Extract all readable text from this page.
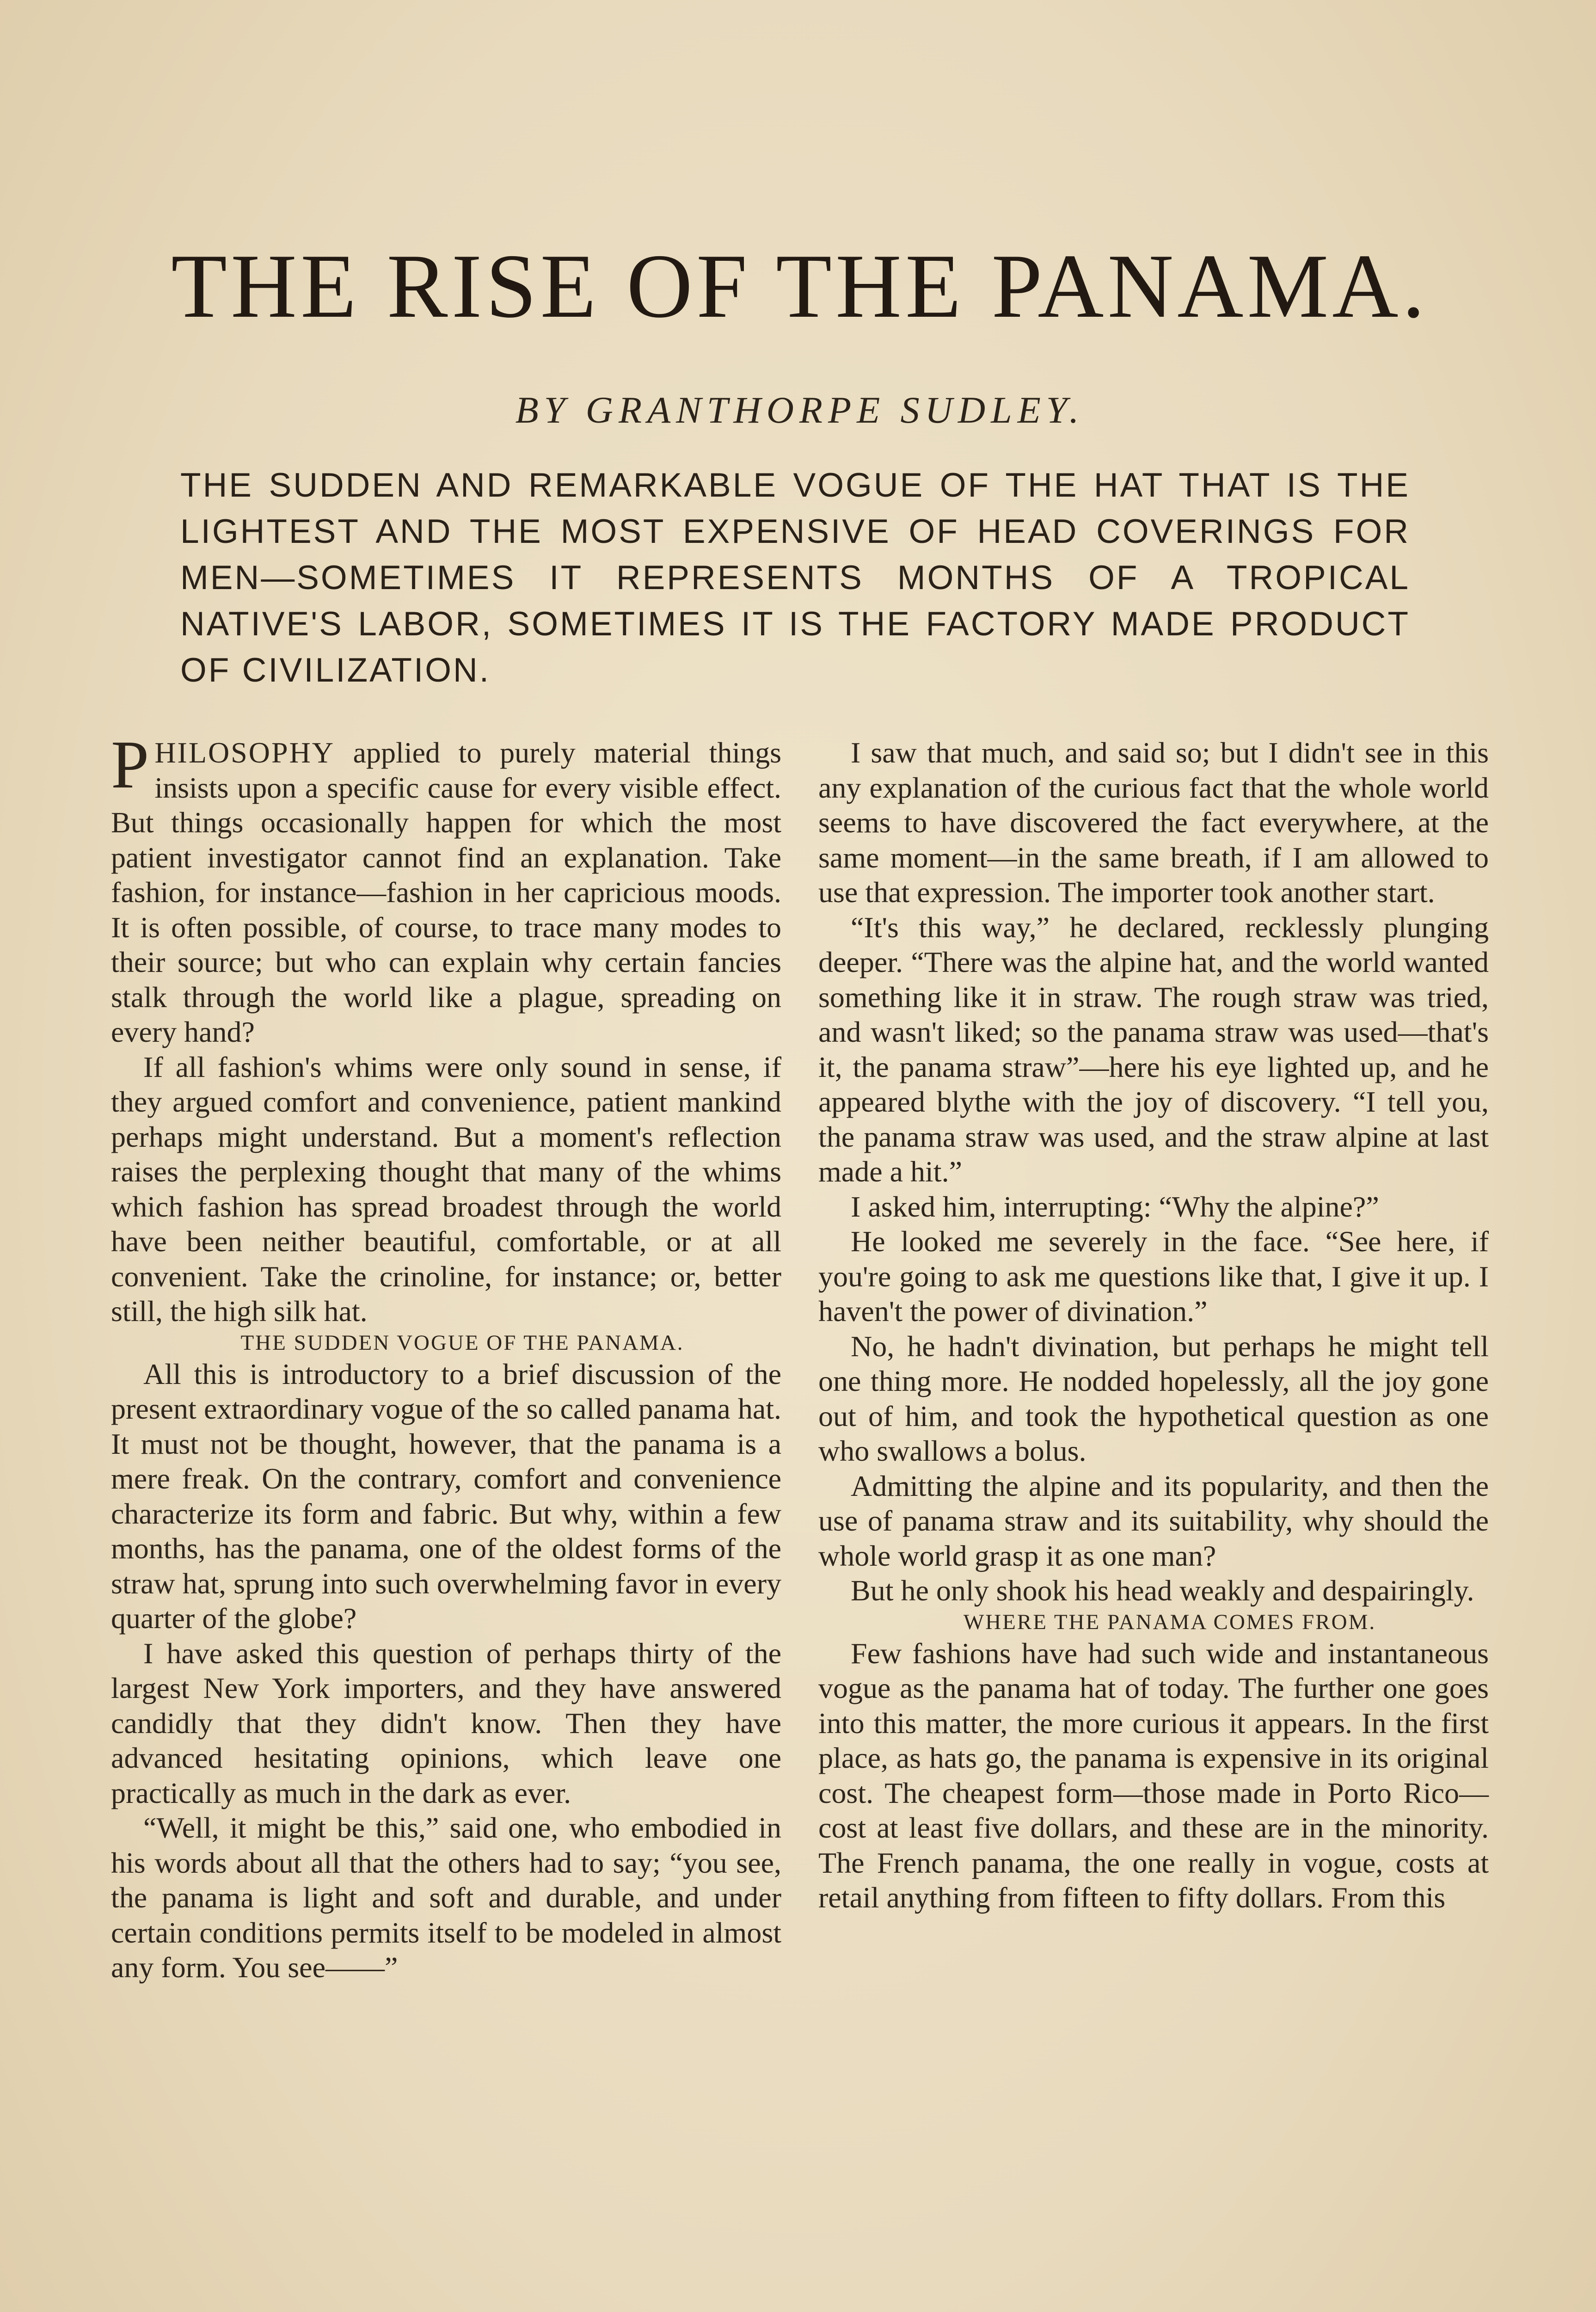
THE RISE OF THE PANAMA.
BY GRANTHORPE SUDLEY.
THE SUDDEN AND REMARKABLE VOGUE OF THE HAT THAT IS THE LIGHTEST AND THE MOST EXPENSIVE OF HEAD COVERINGS FOR MEN—SOMETIMES IT REPRESENTS MONTHS OF A TROPICAL NATIVE'S LABOR, SOMETIMES IT IS THE FACTORY MADE PRODUCT OF CIVILIZATION.

PHILOSOPHY applied to purely material things insists upon a specific cause for every visible effect. But things occasionally happen for which the most patient investigator cannot find an explanation. Take fashion, for instance—fashion in her capricious moods. It is often possible, of course, to trace many modes to their source; but who can explain why certain fancies stalk through the world like a plague, spreading on every hand?

If all fashion's whims were only sound in sense, if they argued comfort and convenience, patient mankind perhaps might understand. But a moment's reflection raises the perplexing thought that many of the whims which fashion has spread broadest through the world have been neither beautiful, comfortable, or at all convenient. Take the crinoline, for instance; or, better still, the high silk hat.

THE SUDDEN VOGUE OF THE PANAMA.

All this is introductory to a brief discussion of the present extraordinary vogue of the so called panama hat. It must not be thought, however, that the panama is a mere freak. On the contrary, comfort and convenience characterize its form and fabric. But why, within a few months, has the panama, one of the oldest forms of the straw hat, sprung into such overwhelming favor in every quarter of the globe?

I have asked this question of perhaps thirty of the largest New York importers, and they have answered candidly that they didn't know. Then they have advanced hesitating opinions, which leave one practically as much in the dark as ever.

“Well, it might be this,” said one, who embodied in his words about all that the others had to say; “you see, the panama is light and soft and durable, and under certain conditions permits itself to be modeled in almost any form. You see——”

I saw that much, and said so; but I didn't see in this any explanation of the curious fact that the whole world seems to have discovered the fact everywhere, at the same moment—in the same breath, if I am allowed to use that expression. The importer took another start.

“It's this way,” he declared, recklessly plunging deeper. “There was the alpine hat, and the world wanted something like it in straw. The rough straw was tried, and wasn't liked; so the panama straw was used—that's it, the panama straw”—here his eye lighted up, and he appeared blythe with the joy of discovery. “I tell you, the panama straw was used, and the straw alpine at last made a hit.”

I asked him, interrupting: “Why the alpine?”

He looked me severely in the face. “See here, if you're going to ask me questions like that, I give it up. I haven't the power of divination.”

No, he hadn't divination, but perhaps he might tell one thing more. He nodded hopelessly, all the joy gone out of him, and took the hypothetical question as one who swallows a bolus.

Admitting the alpine and its popularity, and then the use of panama straw and its suitability, why should the whole world grasp it as one man?

But he only shook his head weakly and despairingly.

WHERE THE PANAMA COMES FROM.

Few fashions have had such wide and instantaneous vogue as the panama hat of today. The further one goes into this matter, the more curious it appears. In the first place, as hats go, the panama is expensive in its original cost. The cheapest form—those made in Porto Rico—cost at least five dollars, and these are in the minority. The French panama, the one really in vogue, costs at retail anything from fifteen to fifty dollars. From this
